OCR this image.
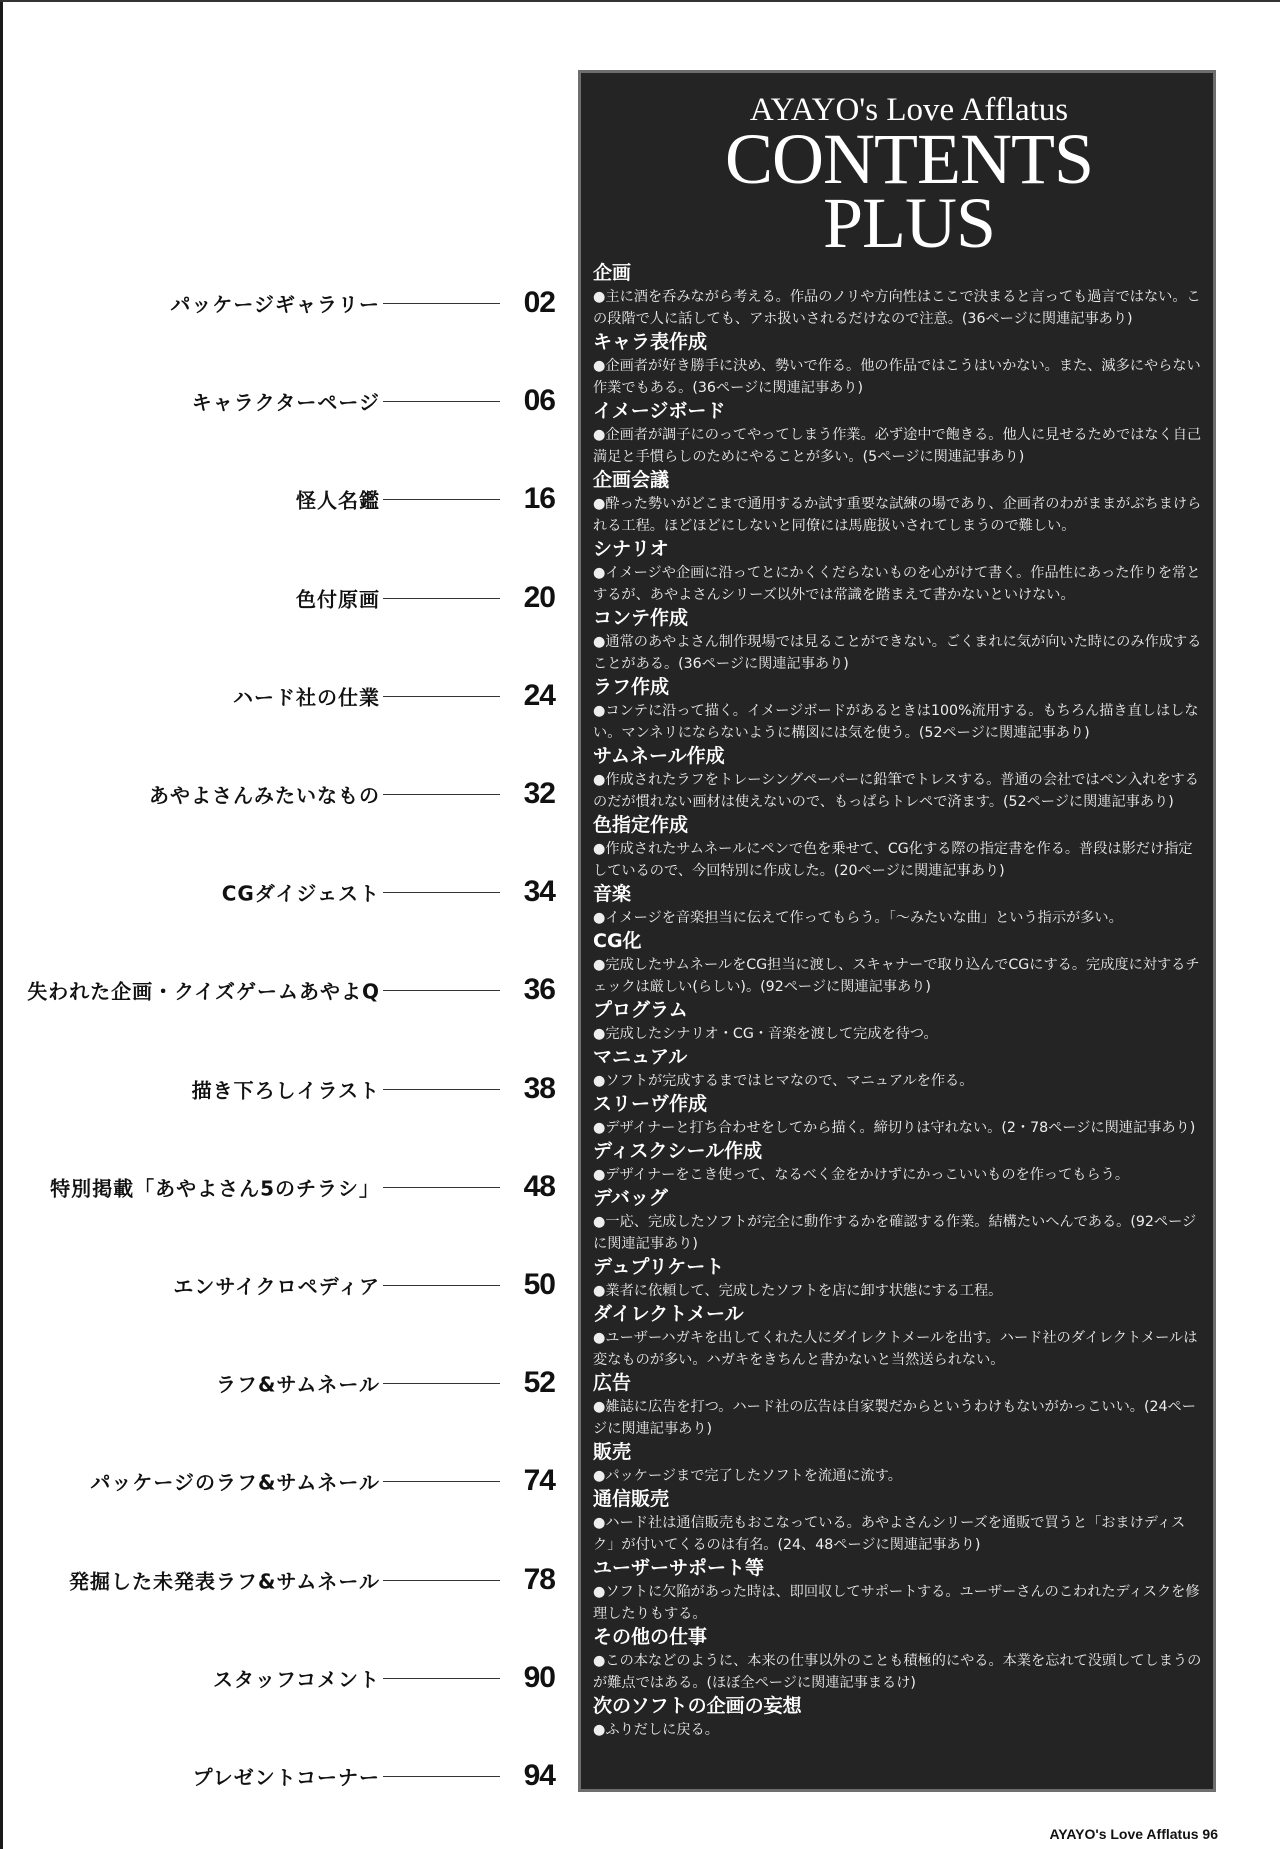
パッケージギャラリー	02
キャラクターページ	06
怪人名鑑	16
色付原画	20
ハード社の仕業	24
あやよさんみたいなもの	32
CGダイジェスト	34
失われた企画・クイズゲームあやよQ	36
描き下ろしイラスト	38
特別掲載「あやよさん5のチラシ」	48
エンサイクロペディア	50
ラフ&サムネール	52
パッケージのラフ&サムネール	74
発掘した未発表ラフ&サムネール	78
スタッフコメント	90
プレゼントコーナー	94
AYAYO's Love Afflatus
CONTENTS
PLUS
企画
●主に酒を呑みながら考える。作品のノリや方向性はここで決まると言っても過言ではない。この段階で人に話しても、アホ扱いされるだけなので注意。(36ページに関連記事あり)
キャラ表作成
●企画者が好き勝手に決め、勢いで作る。他の作品ではこうはいかない。また、滅多にやらない作業でもある。(36ページに関連記事あり)
イメージボード
●企画者が調子にのってやってしまう作業。必ず途中で飽きる。他人に見せるためではなく自己満足と手慣らしのためにやることが多い。(5ページに関連記事あり)
企画会議
●酔った勢いがどこまで通用するか試す重要な試練の場であり、企画者のわがままがぶちまけられる工程。ほどほどにしないと同僚には馬鹿扱いされてしまうので難しい。
シナリオ
●イメージや企画に沿ってとにかくくだらないものを心がけて書く。作品性にあった作りを常とするが、あやよさんシリーズ以外では常識を踏まえて書かないといけない。
コンテ作成
●通常のあやよさん制作現場では見ることができない。ごくまれに気が向いた時にのみ作成することがある。(36ページに関連記事あり)
ラフ作成
●コンテに沿って描く。イメージボードがあるときは100%流用する。もちろん描き直しはしない。マンネリにならないように構図には気を使う。(52ページに関連記事あり)
サムネール作成
●作成されたラフをトレーシングペーパーに鉛筆でトレスする。普通の会社ではペン入れをするのだが慣れない画材は使えないので、もっぱらトレペで済ます。(52ページに関連記事あり)
色指定作成
●作成されたサムネールにペンで色を乗せて、CG化する際の指定書を作る。普段は影だけ指定しているので、今回特別に作成した。(20ページに関連記事あり)
音楽
●イメージを音楽担当に伝えて作ってもらう。「〜みたいな曲」という指示が多い。
CG化
●完成したサムネールをCG担当に渡し、スキャナーで取り込んでCGにする。完成度に対するチェックは厳しい(らしい)。(92ページに関連記事あり)
プログラム
●完成したシナリオ・CG・音楽を渡して完成を待つ。
マニュアル
●ソフトが完成するまではヒマなので、マニュアルを作る。
スリーヴ作成
●デザイナーと打ち合わせをしてから描く。締切りは守れない。(2・78ページに関連記事あり)
ディスクシール作成
●デザイナーをこき使って、なるべく金をかけずにかっこいいものを作ってもらう。
デバッグ
●一応、完成したソフトが完全に動作するかを確認する作業。結構たいへんである。(92ページに関連記事あり)
デュプリケート
●業者に依頼して、完成したソフトを店に卸す状態にする工程。
ダイレクトメール
●ユーザーハガキを出してくれた人にダイレクトメールを出す。ハード社のダイレクトメールは変なものが多い。ハガキをきちんと書かないと当然送られない。
広告
●雑誌に広告を打つ。ハード社の広告は自家製だからというわけもないがかっこいい。(24ページに関連記事あり)
販売
●パッケージまで完了したソフトを流通に流す。
通信販売
●ハード社は通信販売もおこなっている。あやよさんシリーズを通販で買うと「おまけディスク」が付いてくるのは有名。(24、48ページに関連記事あり)
ユーザーサポート等
●ソフトに欠陥があった時は、即回収してサポートする。ユーザーさんのこわれたディスクを修理したりもする。
その他の仕事
●この本などのように、本来の仕事以外のことも積極的にやる。本業を忘れて没頭してしまうのが難点ではある。(ほぼ全ページに関連記事まるけ)
次のソフトの企画の妄想
●ふりだしに戻る。
AYAYO's Love Afflatus 96
